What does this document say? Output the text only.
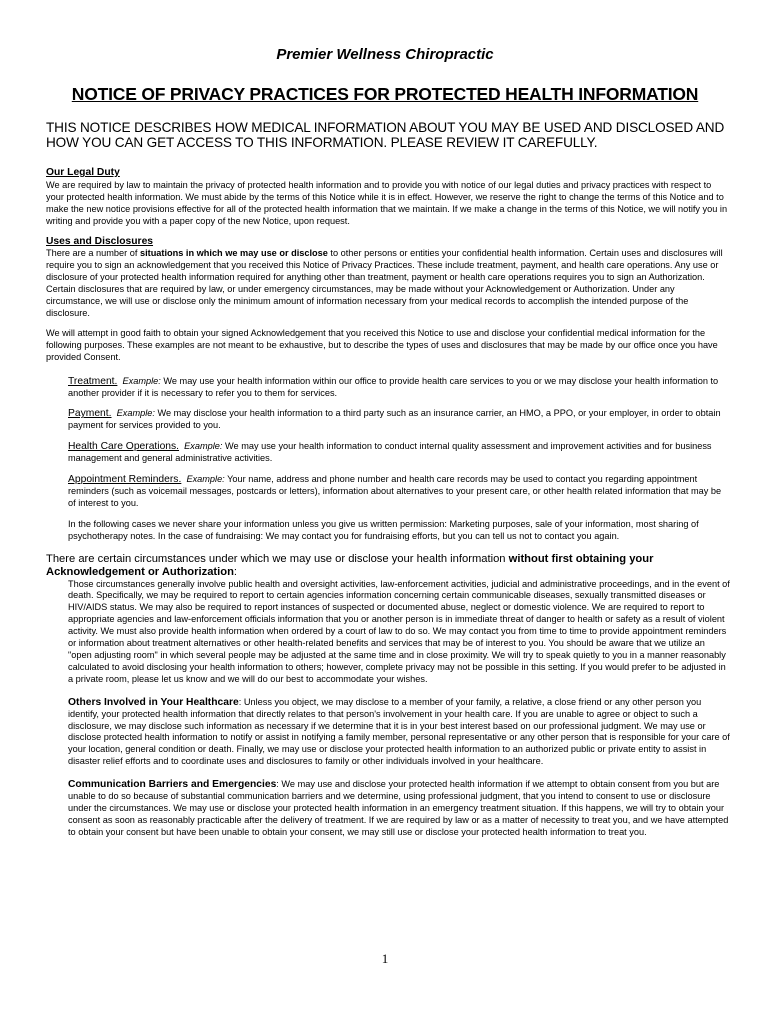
Premier Wellness Chiropractic
NOTICE OF PRIVACY PRACTICES FOR PROTECTED HEALTH INFORMATION
THIS NOTICE DESCRIBES HOW MEDICAL INFORMATION ABOUT YOU MAY BE USED AND DISCLOSED AND HOW YOU CAN GET ACCESS TO THIS INFORMATION. PLEASE REVIEW IT CAREFULLY.
Our Legal Duty

We are required by law to maintain the privacy of protected health information and to provide you with notice of our legal duties and privacy practices with respect to your protected health information. We must abide by the terms of this Notice while it is in effect. However, we reserve the right to change the terms of this Notice and to make the new notice provisions effective for all of the protected health information that we maintain. If we make a change in the terms of this Notice, we will notify you in writing and provide you with a paper copy of the new Notice, upon request.

Uses and Disclosures

There are a number of situations in which we may use or disclose to other persons or entities your confidential health information. Certain uses and disclosures will require you to sign an acknowledgement that you received this Notice of Privacy Practices. These include treatment, payment, and health care operations. Any use or disclosure of your protected health information required for anything other than treatment, payment or health care operations requires you to sign an Authorization. Certain disclosures that are required by law, or under emergency circumstances, may be made without your Acknowledgement or Authorization. Under any circumstance, we will use or disclose only the minimum amount of information necessary from your medical records to accomplish the intended purpose of the disclosure.

We will attempt in good faith to obtain your signed Acknowledgement that you received this Notice to use and disclose your confidential medical information for the following purposes. These examples are not meant to be exhaustive, but to describe the types of uses and disclosures that may be made by our office once you have provided Consent.

Treatment. Example: We may use your health information within our office to provide health care services to you or we may disclose your health information to another provider if it is necessary to refer you to them for services.

Payment. Example: We may disclose your health information to a third party such as an insurance carrier, an HMO, a PPO, or your employer, in order to obtain payment for services provided to you.

Health Care Operations. Example: We may use your health information to conduct internal quality assessment and improvement activities and for business management and general administrative activities.

Appointment Reminders. Example: Your name, address and phone number and health care records may be used to contact you regarding appointment reminders (such as voicemail messages, postcards or letters), information about alternatives to your present care, or other health related information that may be of interest to you.

In the following cases we never share your information unless you give us written permission: Marketing purposes, sale of your information, most sharing of psychotherapy notes. In the case of fundraising: We may contact you for fundraising efforts, but you can tell us not to contact you again.

There are certain circumstances under which we may use or disclose your health information without first obtaining your Acknowledgement or Authorization:

Those circumstances generally involve public health and oversight activities, law-enforcement activities, judicial and administrative proceedings, and in the event of death. Specifically, we may be required to report to certain agencies information concerning certain communicable diseases, sexually transmitted diseases or HIV/AIDS status. We may also be required to report instances of suspected or documented abuse, neglect or domestic violence. We are required to report to appropriate agencies and law-enforcement officials information that you or another person is in immediate threat of danger to health or safety as a result of violent activity. We must also provide health information when ordered by a court of law to do so. We may contact you from time to time to provide appointment reminders or information about treatment alternatives or other health-related benefits and services that may be of interest to you. You should be aware that we utilize an "open adjusting room" in which several people may be adjusted at the same time and in close proximity. We will try to speak quietly to you in a manner reasonably calculated to avoid disclosing your health information to others; however, complete privacy may not be possible in this setting. If you would prefer to be adjusted in a private room, please let us know and we will do our best to accommodate your wishes.

Others Involved in Your Healthcare: Unless you object, we may disclose to a member of your family, a relative, a close friend or any other person you identify, your protected health information that directly relates to that person's involvement in your health care. If you are unable to agree or object to such a disclosure, we may disclose such information as necessary if we determine that it is in your best interest based on our professional judgment. We may use or disclose protected health information to notify or assist in notifying a family member, personal representative or any other person that is responsible for your care of your location, general condition or death. Finally, we may use or disclose your protected health information to an authorized public or private entity to assist in disaster relief efforts and to coordinate uses and disclosures to family or other individuals involved in your healthcare.

Communication Barriers and Emergencies: We may use and disclose your protected health information if we attempt to obtain consent from you but are unable to do so because of substantial communication barriers and we determine, using professional judgment, that you intend to consent to use or disclosure under the circumstances. We may use or disclose your protected health information in an emergency treatment situation. If this happens, we will try to obtain your consent as soon as reasonably practicable after the delivery of treatment. If we are required by law or as a matter of necessity to treat you, and we have attempted to obtain your consent but have been unable to obtain your consent, we may still use or disclose your protected health information to treat you.

1
